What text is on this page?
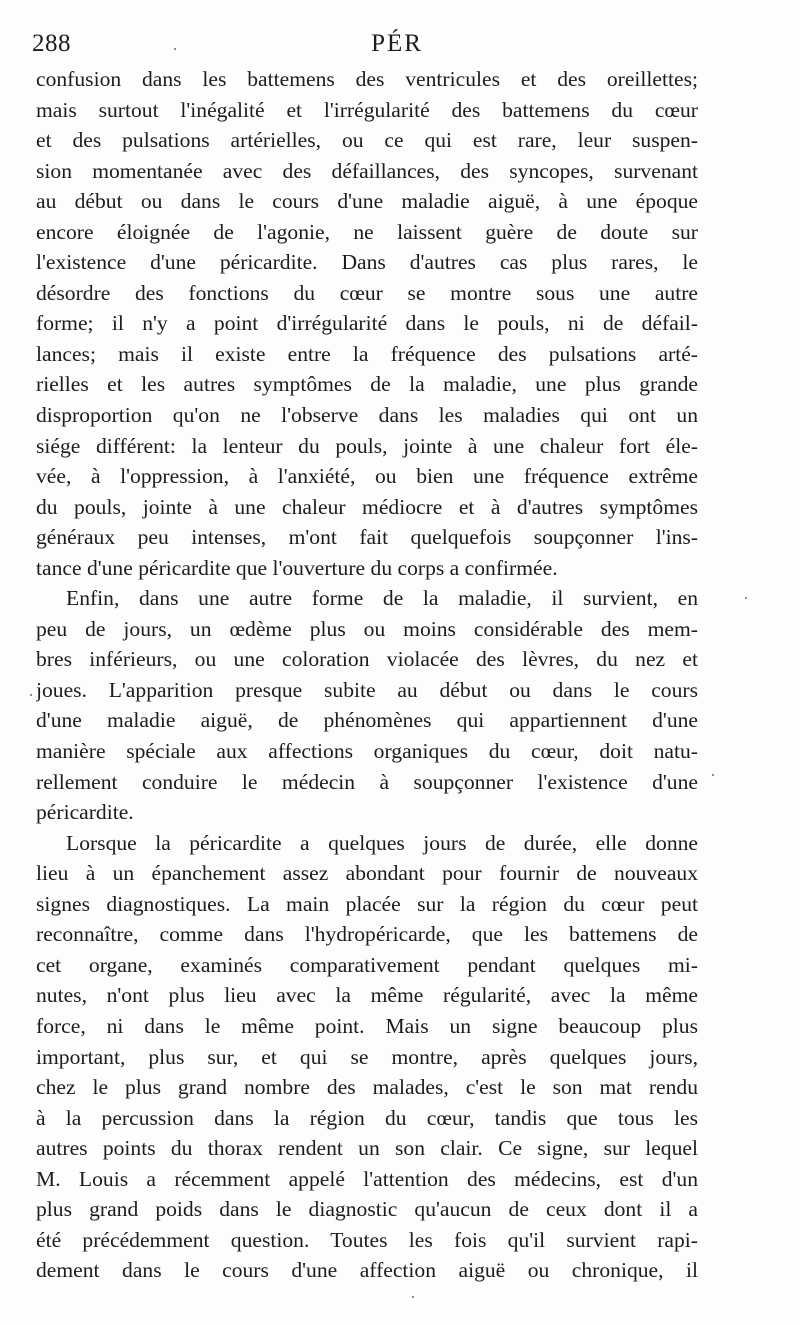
288	PÉR
confusion dans les battemens des ventricules et des oreillettes;
mais surtout l'inégalité et l'irrégularité des battemens du cœur
et des pulsations artérielles, ou ce qui est rare, leur suspen-
sion momentanée avec des défaillances, des syncopes, survenant
au début ou dans le cours d'une maladie aiguë, à une époque
encore éloignée de l'agonie, ne laissent guère de doute sur
l'existence d'une péricardite. Dans d'autres cas plus rares, le
désordre des fonctions du cœur se montre sous une autre
forme; il n'y a point d'irrégularité dans le pouls, ni de défail-
lances; mais il existe entre la fréquence des pulsations arté-
rielles et les autres symptômes de la maladie, une plus grande
disproportion qu'on ne l'observe dans les maladies qui ont un
siége différent: la lenteur du pouls, jointe à une chaleur fort éle-
vée, à l'oppression, à l'anxiété, ou bien une fréquence extrême
du pouls, jointe à une chaleur médiocre et à d'autres symptômes
généraux peu intenses, m'ont fait quelquefois soupçonner l'ins-
tance d'une péricardite que l'ouverture du corps a confirmée.
Enfin, dans une autre forme de la maladie, il survient, en
peu de jours, un œdème plus ou moins considérable des mem-
bres inférieurs, ou une coloration violacée des lèvres, du nez et
joues. L'apparition presque subite au début ou dans le cours
d'une maladie aiguë, de phénomènes qui appartiennent d'une
manière spéciale aux affections organiques du cœur, doit natu-
rellement conduire le médecin à soupçonner l'existence d'une
péricardite.
Lorsque la péricardite a quelques jours de durée, elle donne
lieu à un épanchement assez abondant pour fournir de nouveaux
signes diagnostiques. La main placée sur la région du cœur peut
reconnaître, comme dans l'hydropéricarde, que les battemens de
cet organe, examinés comparativement pendant quelques mi-
nutes, n'ont plus lieu avec la même régularité, avec la même
force, ni dans le même point. Mais un signe beaucoup plus
important, plus sur, et qui se montre, après quelques jours,
chez le plus grand nombre des malades, c'est le son mat rendu
à la percussion dans la région du cœur, tandis que tous les
autres points du thorax rendent un son clair. Ce signe, sur lequel
M. Louis a récemment appelé l'attention des médecins, est d'un
plus grand poids dans le diagnostic qu'aucun de ceux dont il a
été précédemment question. Toutes les fois qu'il survient rapi-
dement dans le cours d'une affection aiguë ou chronique, il
